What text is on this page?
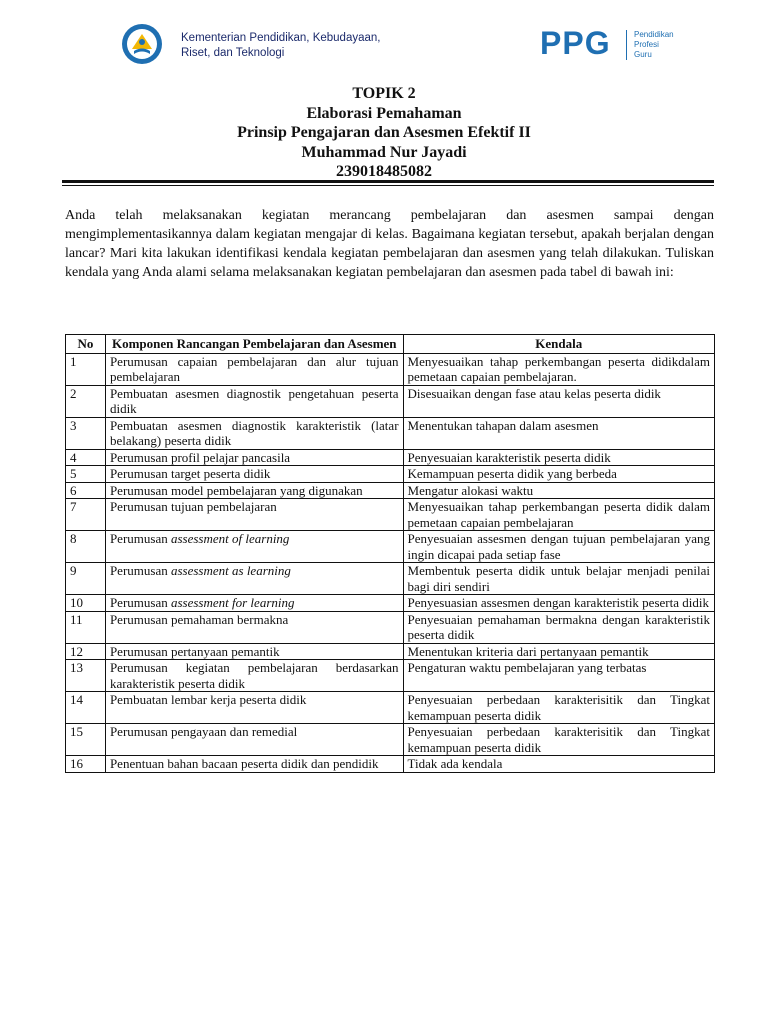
Kementerian Pendidikan, Kebudayaan,
Riset, dan Teknologi	PPG	Pendidikan
Profesi
Guru
TOPIK 2
Elaborasi Pemahaman
Prinsip Pengajaran dan Asesmen Efektif II
Muhammad Nur Jayadi
239018485082

Anda telah melaksanakan kegiatan merancang pembelajaran dan asesmen sampai dengan mengimplementasikannya dalam kegiatan mengajar di kelas. Bagaimana kegiatan tersebut, apakah berjalan dengan lancar? Mari kita lakukan identifikasi kendala kegiatan pembelajaran dan asesmen yang telah dilakukan. Tuliskan kendala yang Anda alami selama melaksanakan kegiatan pembelajaran dan asesmen pada tabel di bawah ini:

No	Komponen Rancangan Pembelajaran dan Asesmen	Kendala
1	Perumusan capaian pembelajaran dan alur tujuan pembelajaran	Menyesuaikan tahap perkembangan peserta didikdalam pemetaan capaian pembelajaran.
2	Pembuatan asesmen diagnostik pengetahuan peserta didik	Disesuaikan dengan fase atau kelas peserta didik
3	Pembuatan asesmen diagnostik karakteristik (latar belakang) peserta didik	Menentukan tahapan dalam asesmen
4	Perumusan profil pelajar pancasila	Penyesuaian karakteristik peserta didik
5	Perumusan target peserta didik	Kemampuan peserta didik yang berbeda
6	Perumusan model pembelajaran yang digunakan	Mengatur alokasi waktu
7	Perumusan tujuan pembelajaran	Menyesuaikan tahap perkembangan peserta didik dalam pemetaan capaian pembelajaran
8	Perumusan assessment of learning	Penyesuaian assesmen dengan tujuan pembelajaran yang ingin dicapai pada setiap fase
9	Perumusan assessment as learning	Membentuk peserta didik untuk belajar menjadi penilai bagi diri sendiri
10	Perumusan assessment for learning	Penyesuasian assesmen dengan karakteristik peserta didik
11	Perumusan pemahaman bermakna	Penyesuaian pemahaman bermakna dengan karakteristik peserta didik
12	Perumusan pertanyaan pemantik	Menentukan kriteria dari pertanyaan pemantik
13	Perumusan kegiatan pembelajaran berdasarkan karakteristik peserta didik	Pengaturan waktu pembelajaran yang terbatas
14	Pembuatan lembar kerja peserta didik	Penyesuaian perbedaan karakterisitik dan Tingkat kemampuan peserta didik
15	Perumusan pengayaan dan remedial	Penyesuaian perbedaan karakterisitik dan Tingkat kemampuan peserta didik
16	Penentuan bahan bacaan peserta didik dan pendidik	Tidak ada kendala
